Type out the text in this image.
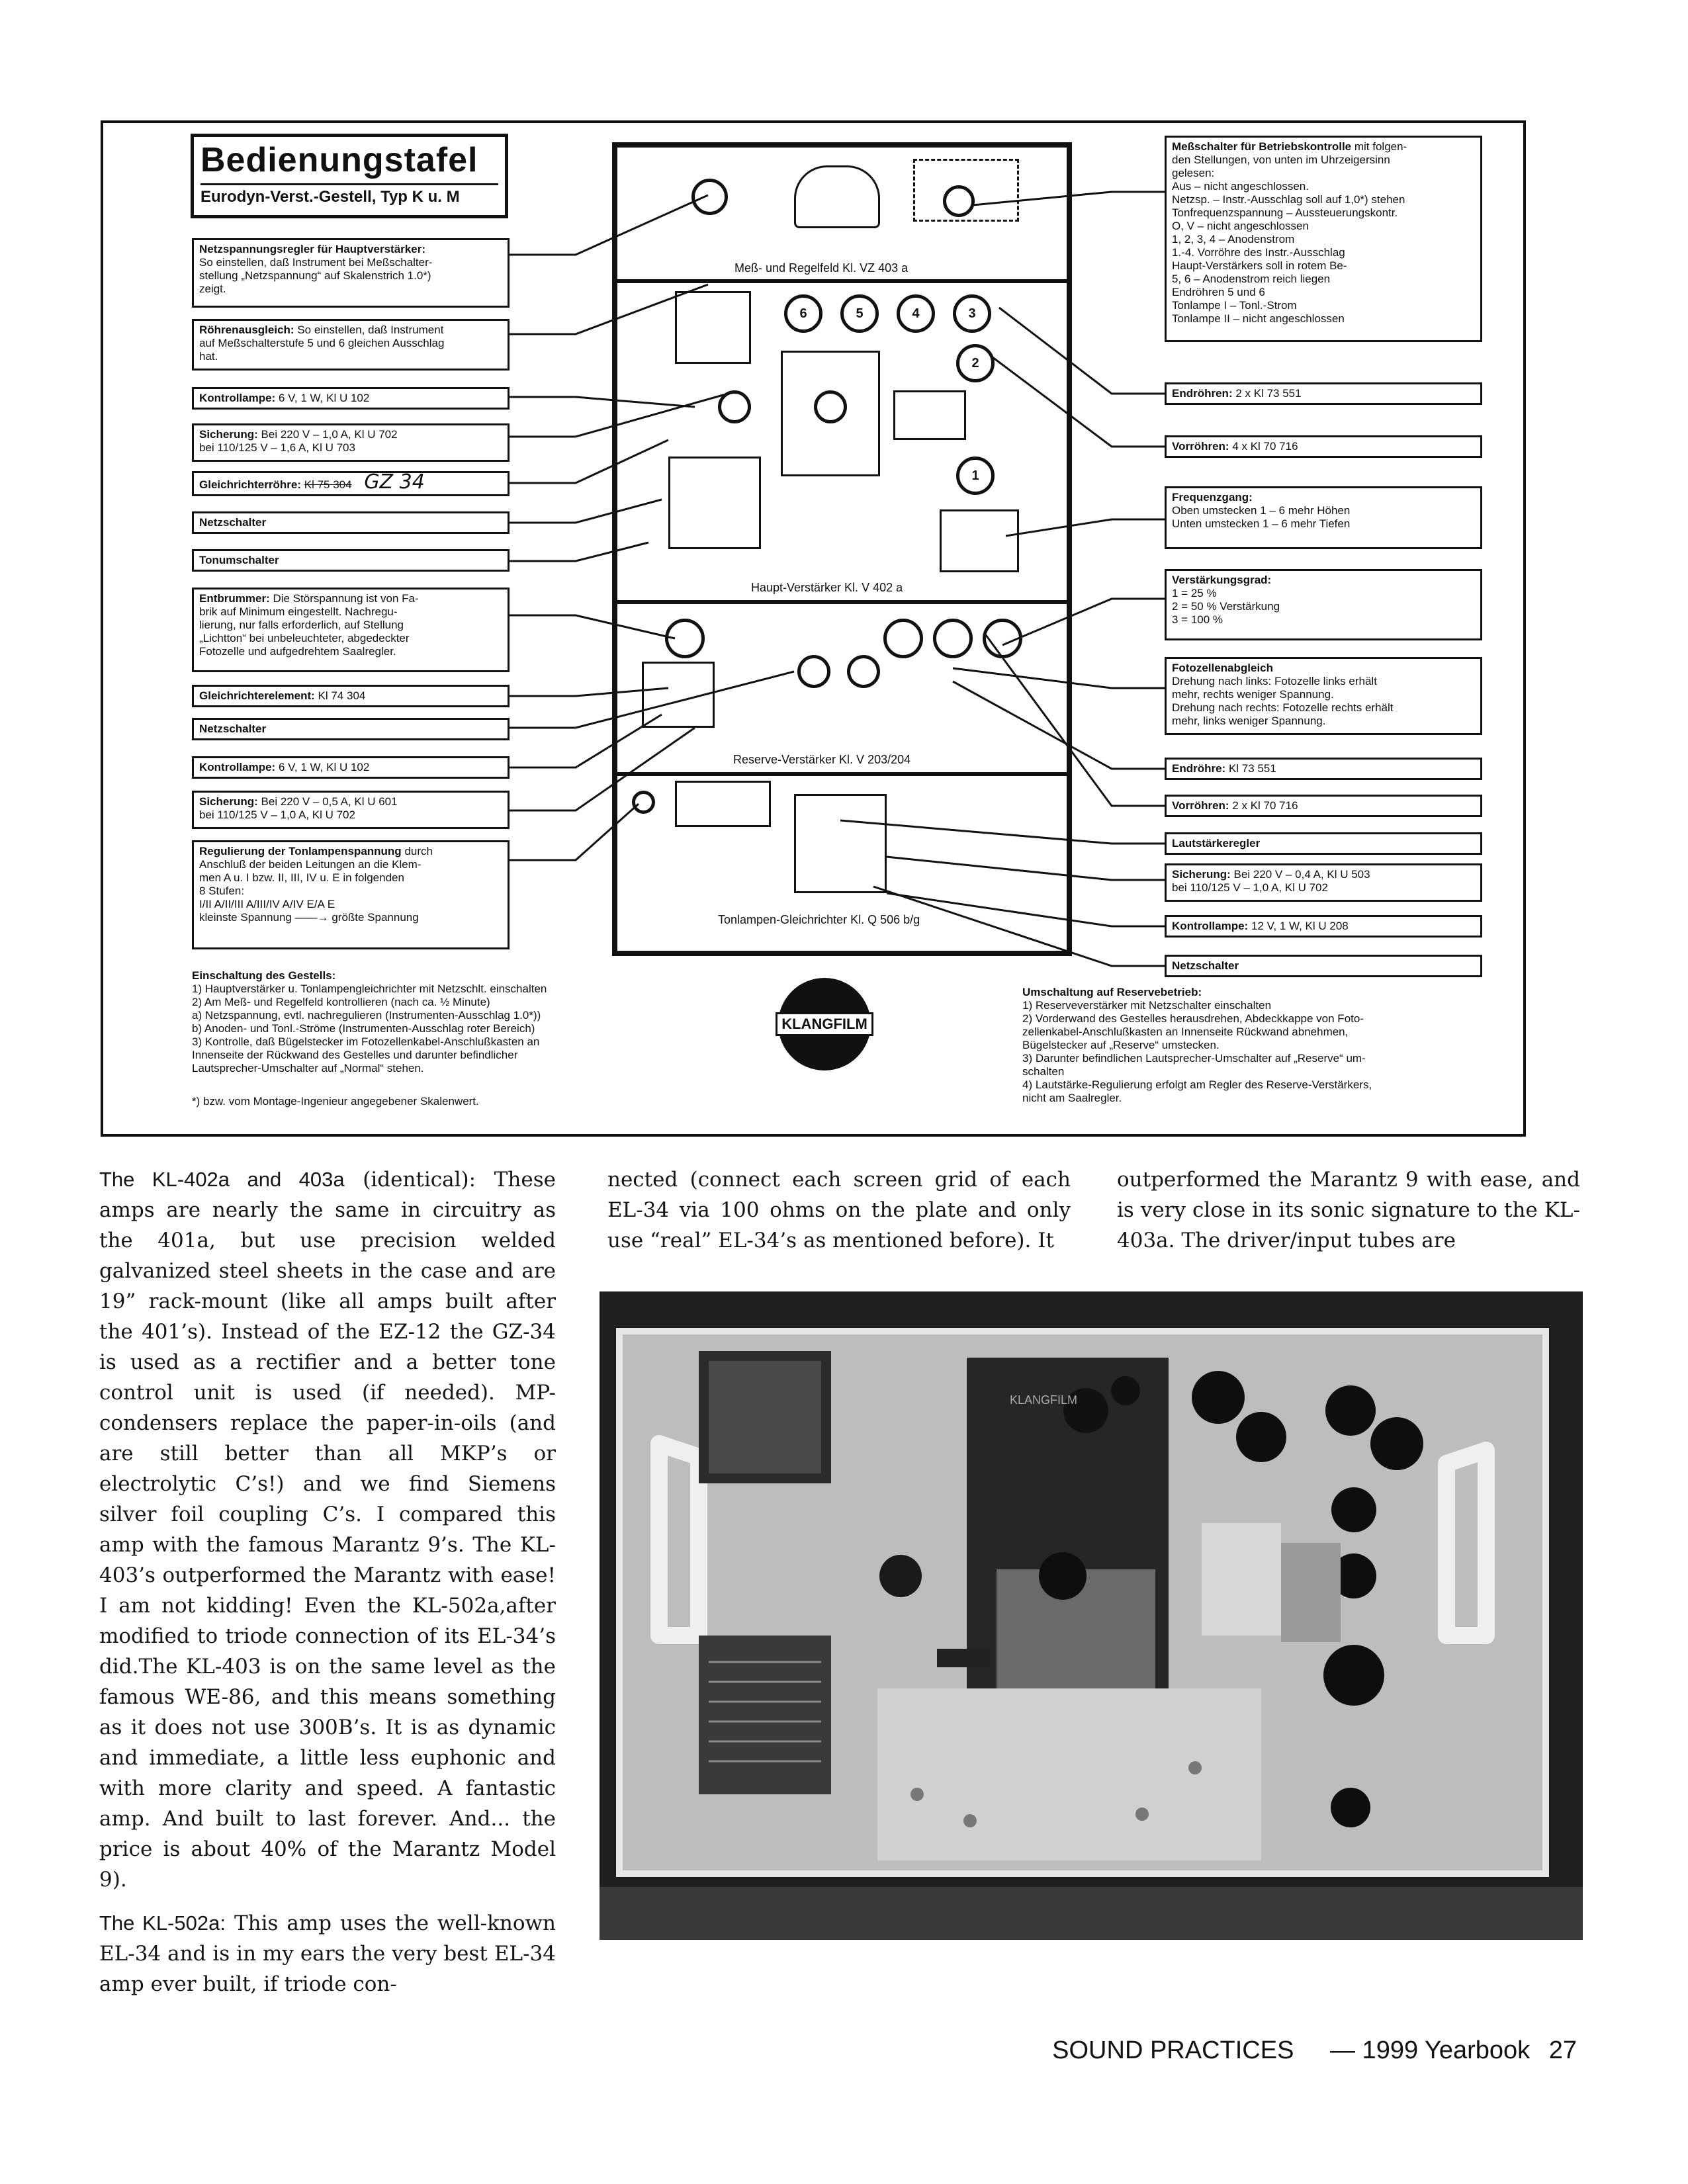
Bedienungstafel
Eurodyn-Verst.-Gestell, Typ K u. M
Meß- und Regelfeld Kl. VZ 403 a
Haupt-Verstärker Kl. V 402 a
Reserve-Verstärker Kl. V 203/204
Tonlampen-Gleichrichter Kl. Q 506 b/g
6	5	4	3
2
1
Netzspannungsregler für Hauptverstärker:
So einstellen, daß Instrument bei Meßschalter-
stellung „Netzspannung“ auf Skalenstrich 1.0*)
zeigt.
Röhrenausgleich: So einstellen, daß Instrument
auf Meßschalterstufe 5 und 6 gleichen Ausschlag
hat.
Kontrollampe: 6 V, 1 W, Kl U 102
Sicherung: Bei 220 V – 1,0 A, Kl U 702
bei 110/125 V – 1,6 A, Kl U 703
Gleichrichterröhre: Kl 75 304 GZ 34
Netzschalter
Tonumschalter
Entbrummer: Die Störspannung ist von Fa-
brik auf Minimum eingestellt. Nachregu-
lierung, nur falls erforderlich, auf Stellung
„Lichtton“ bei unbeleuchteter, abgedeckter
Fotozelle und aufgedrehtem Saalregler.
Gleichrichterelement: Kl 74 304
Netzschalter
Kontrollampe: 6 V, 1 W, Kl U 102
Sicherung: Bei 220 V – 0,5 A, Kl U 601
bei 110/125 V – 1,0 A, Kl U 702
Regulierung der Tonlampenspannung durch
Anschluß der beiden Leitungen an die Klem-
men A u. I bzw. II, III, IV u. E in folgenden
8 Stufen:
I/II A/II/III A/III/IV A/IV E/A E
kleinste Spannung ——→ größte Spannung
Meßschalter für Betriebskontrolle mit folgen-
den Stellungen, von unten im Uhrzeigersinn
gelesen:
Aus – nicht angeschlossen.
Netzsp. – Instr.-Ausschlag soll auf 1,0*) stehen
Tonfrequenzspannung – Aussteuerungskontr.
O, V – nicht angeschlossen
1, 2, 3, 4 – Anodenstrom
1.-4. Vorröhre des Instr.-Ausschlag
Haupt-Verstärkers soll in rotem Be-
5, 6 – Anodenstrom reich liegen
Endröhren 5 und 6
Tonlampe I – Tonl.-Strom
Tonlampe II – nicht angeschlossen
Endröhren: 2 x Kl 73 551
Vorröhren: 4 x Kl 70 716
Frequenzgang:
Oben umstecken 1 – 6 mehr Höhen
Unten umstecken 1 – 6 mehr Tiefen
Verstärkungsgrad:
1 = 25 %
2 = 50 % Verstärkung
3 = 100 %
Fotozellenabgleich
Drehung nach links: Fotozelle links erhält
mehr, rechts weniger Spannung.
Drehung nach rechts: Fotozelle rechts erhält
mehr, links weniger Spannung.
Endröhre: Kl 73 551
Vorröhren: 2 x Kl 70 716
Lautstärkeregler
Sicherung: Bei 220 V – 0,4 A, Kl U 503
bei 110/125 V – 1,0 A, Kl U 702
Kontrollampe: 12 V, 1 W, Kl U 208
Netzschalter
Einschaltung des Gestells:
1) Hauptverstärker u. Tonlampengleichrichter mit Netzschlt. einschalten
2) Am Meß- und Regelfeld kontrollieren (nach ca. ½ Minute)
a) Netzspannung, evtl. nachregulieren (Instrumenten-Ausschlag 1.0*))
b) Anoden- und Tonl.-Ströme (Instrumenten-Ausschlag roter Bereich)
3) Kontrolle, daß Bügelstecker im Fotozellenkabel-Anschlußkasten an
Innenseite der Rückwand des Gestelles und darunter befindlicher
Lautsprecher-Umschalter auf „Normal“ stehen.
*) bzw. vom Montage-Ingenieur angegebener Skalenwert.
Umschaltung auf Reservebetrieb:
1) Reserveverstärker mit Netzschalter einschalten
2) Vorderwand des Gestelles herausdrehen, Abdeckkappe von Foto-
zellenkabel-Anschlußkasten an Innenseite Rückwand abnehmen,
Bügelstecker auf „Reserve“ umstecken.
3) Darunter befindlichen Lautsprecher-Umschalter auf „Reserve“ um-
schalten
4) Lautstärke-Regulierung erfolgt am Regler des Reserve-Verstärkers,
nicht am Saalregler.
KLANGFILM

The KL-402a and 403a (identical): These amps are nearly the same in circuitry as the 401a, but use precision welded galvanized steel sheets in the case and are 19” rack-mount (like all amps built after the 401’s). Instead of the EZ-12 the GZ-34 is used as a rectifier and a better tone control unit is used (if needed). MP-condensers replace the paper-in-oils (and are still better than all MKP’s or electrolytic C’s!) and we find Siemens silver foil coupling C’s. I compared this amp with the famous Marantz 9’s. The KL-403’s outperformed the Marantz with ease! I am not kidding! Even the KL-502a,after modified to triode connection of its EL-34’s did.The KL-403 is on the same level as the famous WE-86, and this means something as it does not use 300B’s. It is as dynamic and immediate, a little less euphonic and with more clarity and speed. A fantastic amp. And built to last forever. And... the price is about 40% of the Marantz Model 9).

The KL-502a: This amp uses the well-known EL-34 and is in my ears the very best EL-34 amp ever built, if triode con-

nected (connect each screen grid of each EL-34 via 100 ohms on the plate and only use “real” EL-34’s as mentioned before). It

outperformed the Marantz 9 with ease, and is very close in its sonic signature to the KL-403a. The driver/input tubes are

KLANGFILM
SOUND PRACTICES — 1999 Yearbook 27
